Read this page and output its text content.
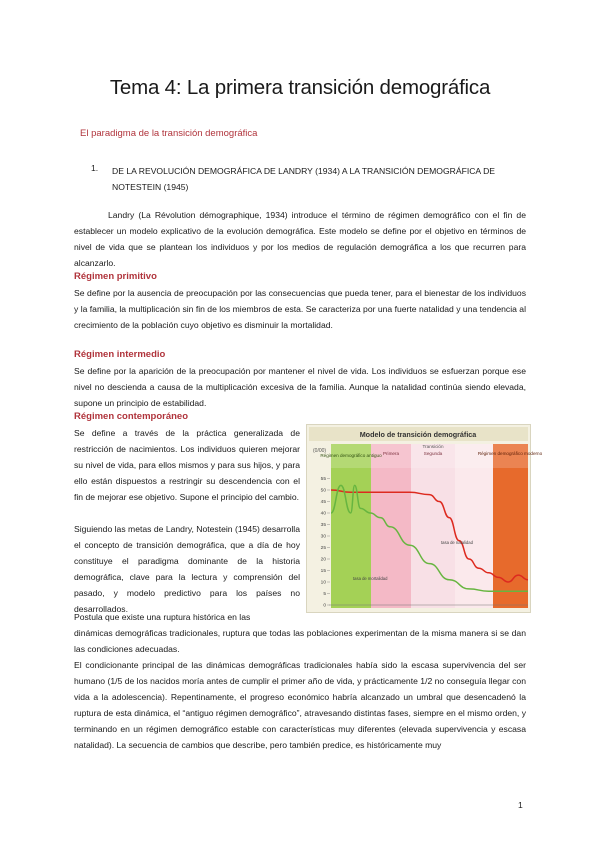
Tema 4: La primera transición demográfica
El paradigma de la transición demográfica
1. DE LA REVOLUCIÓN DEMOGRÁFICA DE LANDRY (1934) A LA TRANSICIÓN DEMOGRÁFICA DE NOTESTEIN (1945)
Landry (La Révolution démographique, 1934) introduce el término de régimen demográfico con el fin de establecer un modelo explicativo de la evolución demográfica. Este modelo se define por el objetivo en términos de nivel de vida que se plantean los individuos y por los medios de regulación demográfica a los que recurren para alcanzarlo.
Régimen primitivo
Se define por la ausencia de preocupación por las consecuencias que pueda tener, para el bienestar de los individuos y la familia, la multiplicación sin fin de los miembros de esta. Se caracteriza por una fuerte natalidad y una tendencia al crecimiento de la población cuyo objetivo es disminuir la mortalidad.
Régimen intermedio
Se define por la aparición de la preocupación por mantener el nivel de vida. Los individuos se esfuerzan porque ese nivel no descienda a causa de la multiplicación excesiva de la familia. Aunque la natalidad continúa siendo elevada, supone un principio de estabilidad.
Régimen contemporáneo
Se define a través de la práctica generalizada de restricción de nacimientos. Los individuos quieren mejorar su nivel de vida, para ellos mismos y para sus hijos, y para ello están dispuestos a restringir su descendencia con el fin de mejorar ese objetivo. Supone el principio del cambio.
Siguiendo las metas de Landry, Notestein (1945) desarrolla el concepto de transición demográfica, que a día de hoy constituye el paradigma dominante de la historia demográfica, clave para la lectura y comprensión del pasado, y modelo predictivo para los países no desarrollados.
Postula que existe una ruptura histórica en las
dinámicas demográficas tradicionales, ruptura que todas las poblaciones experimentan de la misma manera si se dan las condiciones adecuadas.
El condicionante principal de las dinámicas demográficas tradicionales había sido la escasa supervivencia del ser humano (1/5 de los nacidos moría antes de cumplir el primer año de vida, y prácticamente 1/2 no conseguía llegar con vida a la adolescencia). Repentinamente, el progreso económico habría alcanzado un umbral que desencadenó la ruptura de esta dinámica, el “antiguo régimen demográfico”, atravesando distintas fases, siempre en el mismo orden, y terminando en un régimen demográfico estable con características muy diferentes (elevada supervivencia y escasa natalidad). La secuencia de cambios que describe, pero también predice, es históricamente muy
Modelo de transición demográfica
(0/00)
Régimen demográfico antiguo Primera	Segunda
Transición
Régimen demográfico moderno
0
5
10
15
20
25
30
35
40
45
50
55
tasa de natalidad
tasa de mortalidad
1
